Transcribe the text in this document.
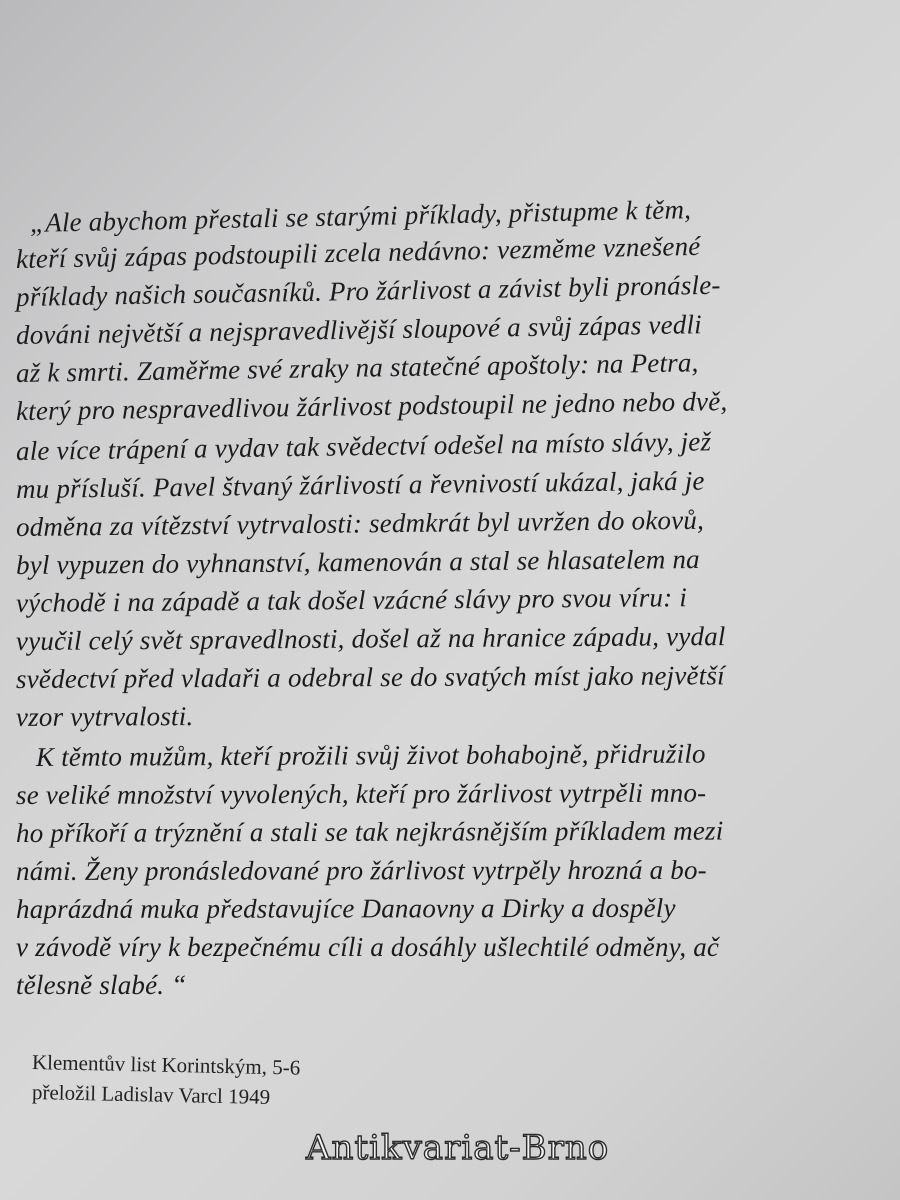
„Ale abychom přestali se starými příklady, přistupme k těm,
kteří svůj zápas podstoupili zcela nedávno: vezměme vznešené
příklady našich současníků. Pro žárlivost a závist byli pronásle-
dováni největší a nejspravedlivější sloupové a svůj zápas vedli
až k smrti. Zaměřme své zraky na statečné apoštoly: na Petra,
který pro nespravedlivou žárlivost podstoupil ne jedno nebo dvě,
ale více trápení a vydav tak svědectví odešel na místo slávy, jež
mu přísluší. Pavel štvaný žárlivostí a řevnivostí ukázal, jaká je
odměna za vítězství vytrvalosti: sedmkrát byl uvržen do okovů,
byl vypuzen do vyhnanství, kamenován a stal se hlasatelem na
východě i na západě a tak došel vzácné slávy pro svou víru: i
vyučil celý svět spravedlnosti, došel až na hranice západu, vydal
svědectví před vladaři a odebral se do svatých míst jako největší
vzor vytrvalosti.
K těmto mužům, kteří prožili svůj život bohabojně, přidružilo
se veliké množství vyvolených, kteří pro žárlivost vytrpěli mno-
ho příkoří a trýznění a stali se tak nejkrásnějším příkladem mezi
námi. Ženy pronásledované pro žárlivost vytrpěly hrozná a bo-
haprázdná muka představujíce Danaovny a Dirky a dospěly
v závodě víry k bezpečnému cíli a dosáhly ušlechtilé odměny, ač
tělesně slabé. “
Klementův list Korintským, 5-6
přeložil Ladislav Varcl 1949
Antikvariat-Brno
